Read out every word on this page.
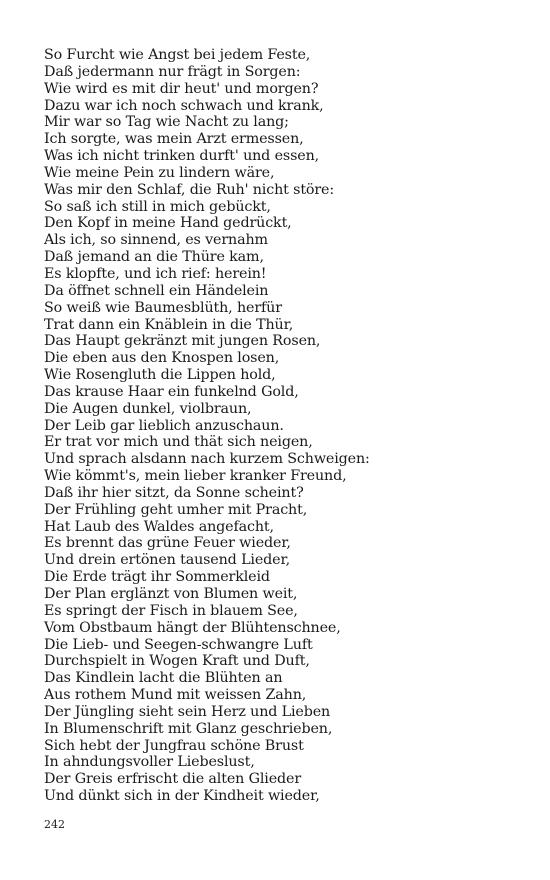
So Furcht wie Angst bei jedem Feste,
Daß jedermann nur frägt in Sorgen:
Wie wird es mit dir heut' und morgen?
Dazu war ich noch schwach und krank,
Mir war so Tag wie Nacht zu lang;
Ich sorgte, was mein Arzt ermessen,
Was ich nicht trinken durft' und essen,
Wie meine Pein zu lindern wäre,
Was mir den Schlaf, die Ruh' nicht störe:
So saß ich still in mich gebückt,
Den Kopf in meine Hand gedrückt,
Als ich, so sinnend, es vernahm
Daß jemand an die Thüre kam,
Es klopfte, und ich rief: herein!
Da öffnet schnell ein Händelein
So weiß wie Baumesblüth, herfür
Trat dann ein Knäblein in die Thür,
Das Haupt gekränzt mit jungen Rosen,
Die eben aus den Knospen losen,
Wie Rosengluth die Lippen hold,
Das krause Haar ein funkelnd Gold,
Die Augen dunkel, violbraun,
Der Leib gar lieblich anzuschaun.
Er trat vor mich und thät sich neigen,
Und sprach alsdann nach kurzem Schweigen:
Wie kömmt's, mein lieber kranker Freund,
Daß ihr hier sitzt, da Sonne scheint?
Der Frühling geht umher mit Pracht,
Hat Laub des Waldes angefacht,
Es brennt das grüne Feuer wieder,
Und drein ertönen tausend Lieder,
Die Erde trägt ihr Sommerkleid
Der Plan erglänzt von Blumen weit,
Es springt der Fisch in blauem See,
Vom Obstbaum hängt der Blühtenschnee,
Die Lieb- und Seegen-schwangre Luft
Durchspielt in Wogen Kraft und Duft,
Das Kindlein lacht die Blühten an
Aus rothem Mund mit weissen Zahn,
Der Jüngling sieht sein Herz und Lieben
In Blumenschrift mit Glanz geschrieben,
Sich hebt der Jungfrau schöne Brust
In ahndungsvoller Liebeslust,
Der Greis erfrischt die alten Glieder
Und dünkt sich in der Kindheit wieder,
242
